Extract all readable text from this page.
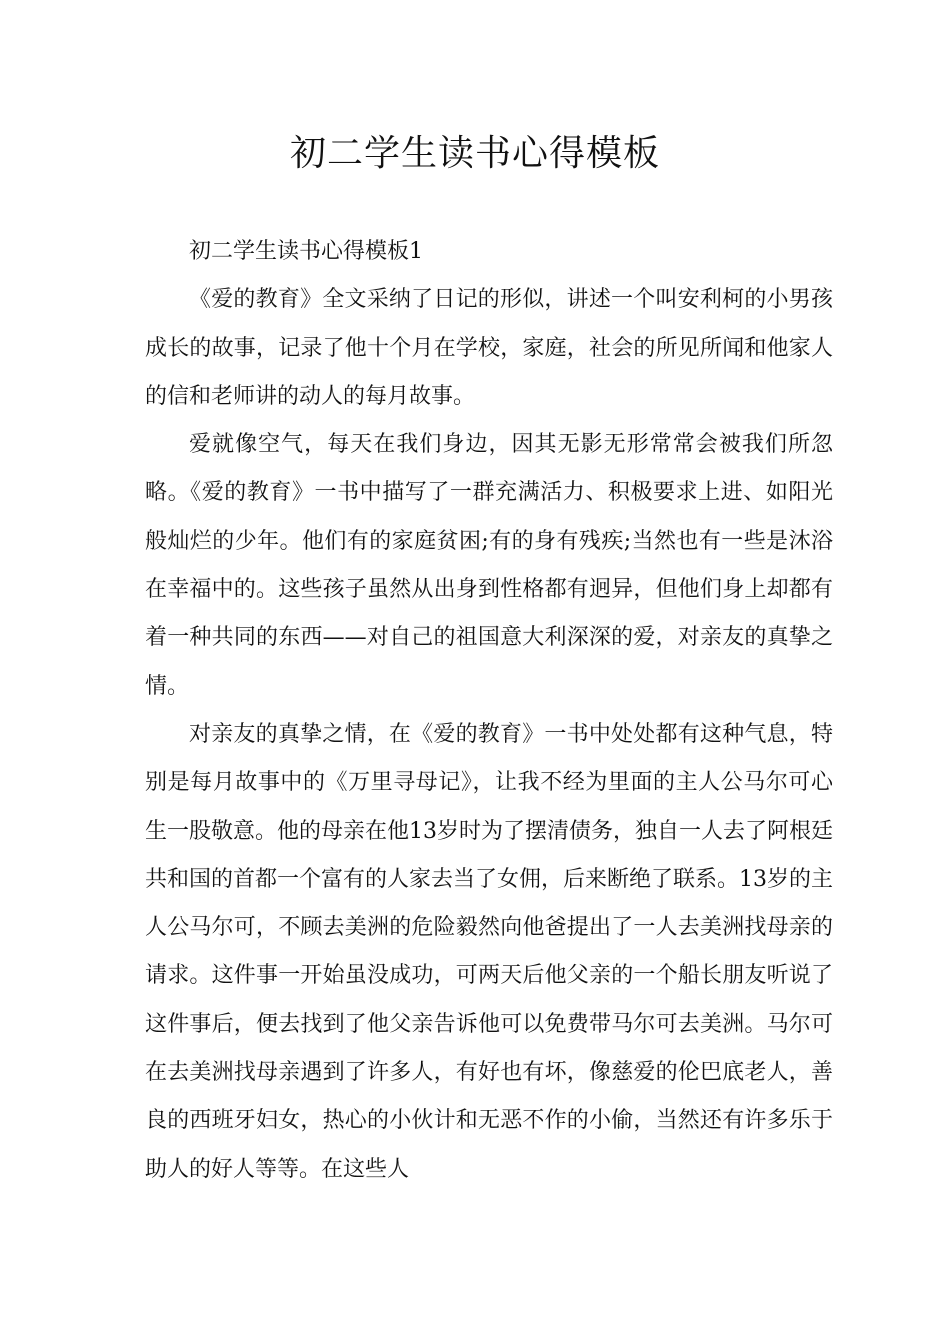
初二学生读书心得模板

初二学生读书心得模板1

《爱的教育》全文采纳了日记的形似，讲述一个叫安利柯的小男孩成长的故事，记录了他十个月在学校，家庭，社会的所见所闻和他家人的信和老师讲的动人的每月故事。

爱就像空气，每天在我们身边，因其无影无形常常会被我们所忽略。《爱的教育》一书中描写了一群充满活力、积极要求上进、如阳光般灿烂的少年。他们有的家庭贫困;有的身有残疾;当然也有一些是沐浴在幸福中的。这些孩子虽然从出身到性格都有迥异，但他们身上却都有着一种共同的东西——对自己的祖国意大利深深的爱，对亲友的真挚之情。

对亲友的真挚之情，在《爱的教育》一书中处处都有这种气息，特别是每月故事中的《万里寻母记》，让我不经为里面的主人公马尔可心生一股敬意。他的母亲在他13岁时为了摆清债务，独自一人去了阿根廷共和国的首都一个富有的人家去当了女佣，后来断绝了联系。13岁的主人公马尔可，不顾去美洲的危险毅然向他爸提出了一人去美洲找母亲的请求。这件事一开始虽没成功，可两天后他父亲的一个船长朋友听说了这件事后，便去找到了他父亲告诉他可以免费带马尔可去美洲。马尔可在去美洲找母亲遇到了许多人，有好也有坏，像慈爱的伦巴底老人，善良的西班牙妇女，热心的小伙计和无恶不作的小偷，当然还有许多乐于助人的好人等等。在这些人
